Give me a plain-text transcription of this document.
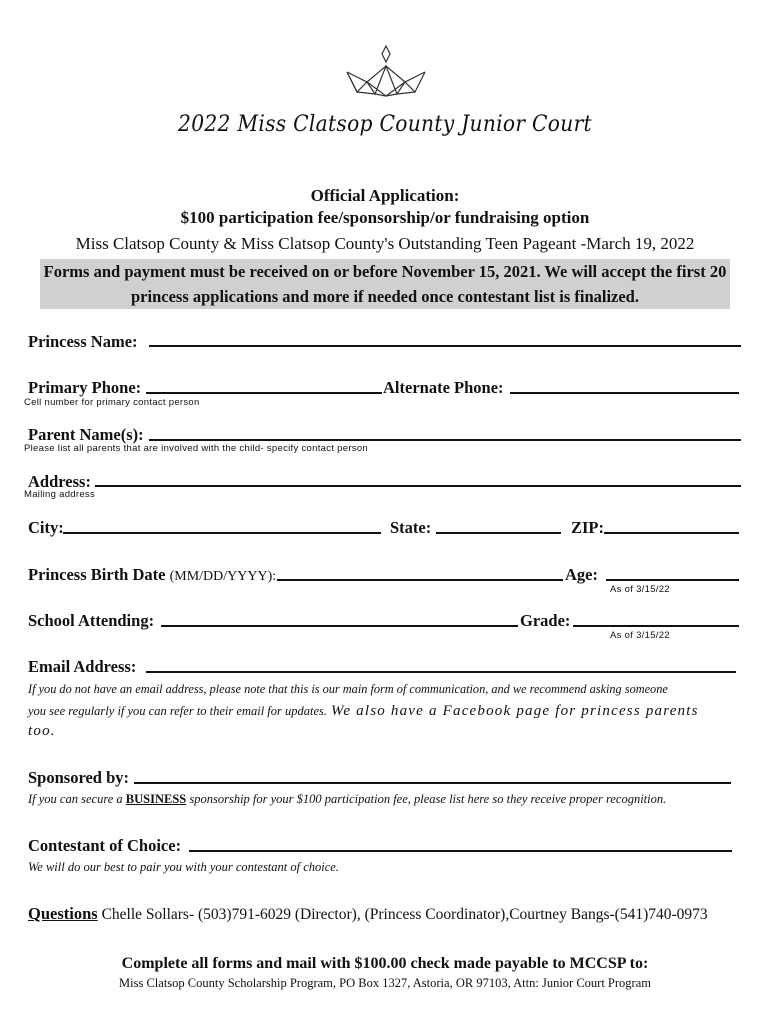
2022 Miss Clatsop County Junior Court
Official Application:
$100 participation fee/sponsorship/or fundraising option
Miss Clatsop County & Miss Clatsop County's Outstanding Teen Pageant -March 19, 2022
Forms and payment must be received on or before November 15, 2021. We will accept the first 20
princess applications and more if needed once contestant list is finalized.
Princess Name:
Primary Phone:	Alternate Phone:
Cell number for primary contact person
Parent Name(s):
Please list all parents that are involved with the child- specify contact person
Address:
Mailing address
City:	State:	ZIP:
Princess Birth Date (MM/DD/YYYY):	Age:
As of 3/15/22
School Attending:	Grade:
As of 3/15/22
Email Address:
If you do not have an email address, please note that this is our main form of communication, and we recommend asking someone
you see regularly if you can refer to their email for updates. We also have a Facebook page for princess parents
too.
Sponsored by:
If you can secure a BUSINESS sponsorship for your $100 participation fee, please list here so they receive proper recognition.
Contestant of Choice:
We will do our best to pair you with your contestant of choice.
Questions Chelle Sollars- (503)791-6029 (Director), (Princess Coordinator),Courtney Bangs-(541)740-0973
Complete all forms and mail with $100.00 check made payable to MCCSP to:
Miss Clatsop County Scholarship Program, PO Box 1327, Astoria, OR 97103, Attn: Junior Court Program
